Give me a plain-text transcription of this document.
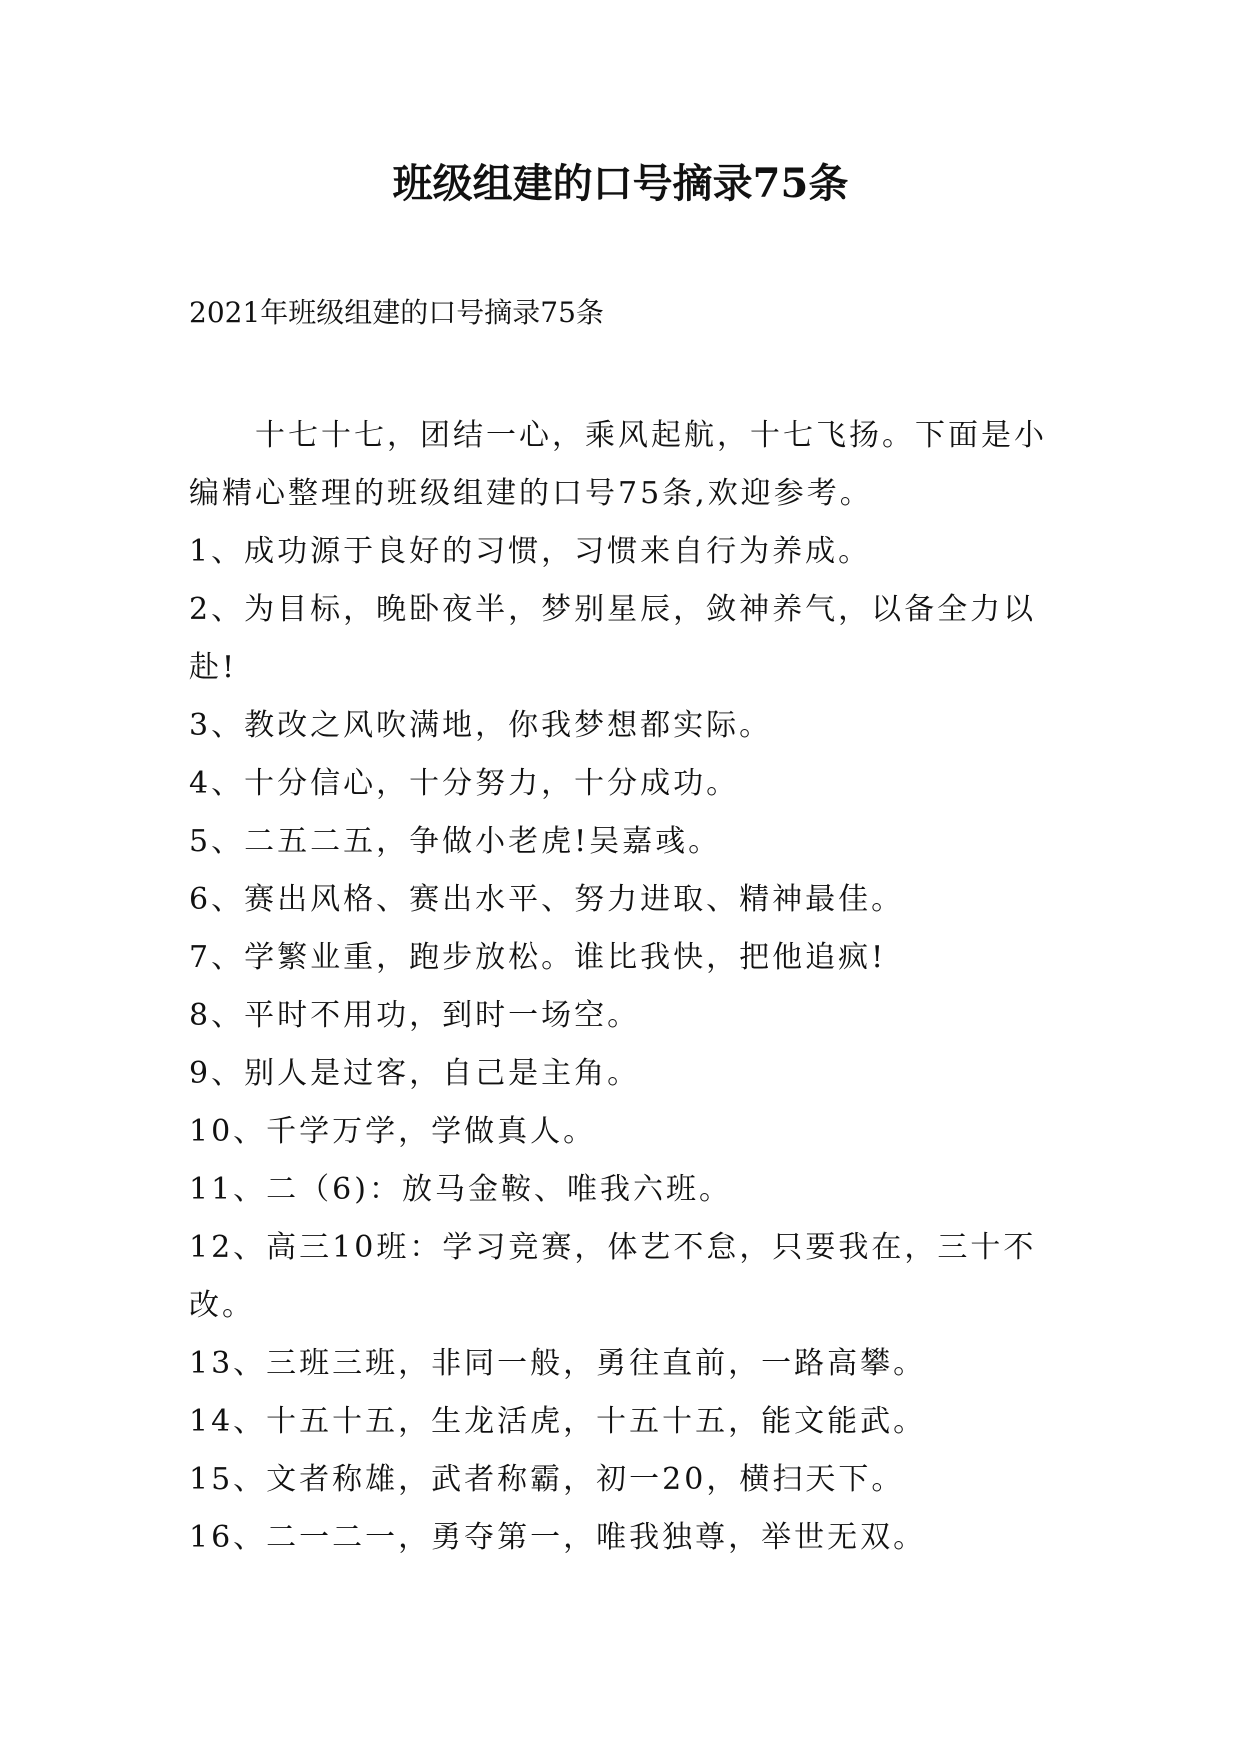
班级组建的口号摘录75条

2021年班级组建的口号摘录75条

十七十七，团结一心，乘风起航，十七飞扬。下面是小编精心整理的班级组建的口号75条,欢迎参考。

1、成功源于良好的习惯，习惯来自行为养成。

2、为目标，晚卧夜半，梦别星辰，敛神养气，以备全力以赴!

3、教改之风吹满地，你我梦想都实际。

4、十分信心，十分努力，十分成功。

5、二五二五，争做小老虎!吴嘉彧。

6、赛出风格、赛出水平、努力进取、精神最佳。

7、学繁业重，跑步放松。谁比我快，把他追疯!

8、平时不用功，到时一场空。

9、别人是过客，自己是主角。

10、千学万学，学做真人。

11、二（6)：放马金鞍、唯我六班。

12、高三10班：学习竞赛，体艺不怠，只要我在，三十不改。

13、三班三班，非同一般，勇往直前，一路高攀。

14、十五十五，生龙活虎，十五十五，能文能武。

15、文者称雄，武者称霸，初一20，横扫天下。

16、二一二一，勇夺第一，唯我独尊，举世无双。
